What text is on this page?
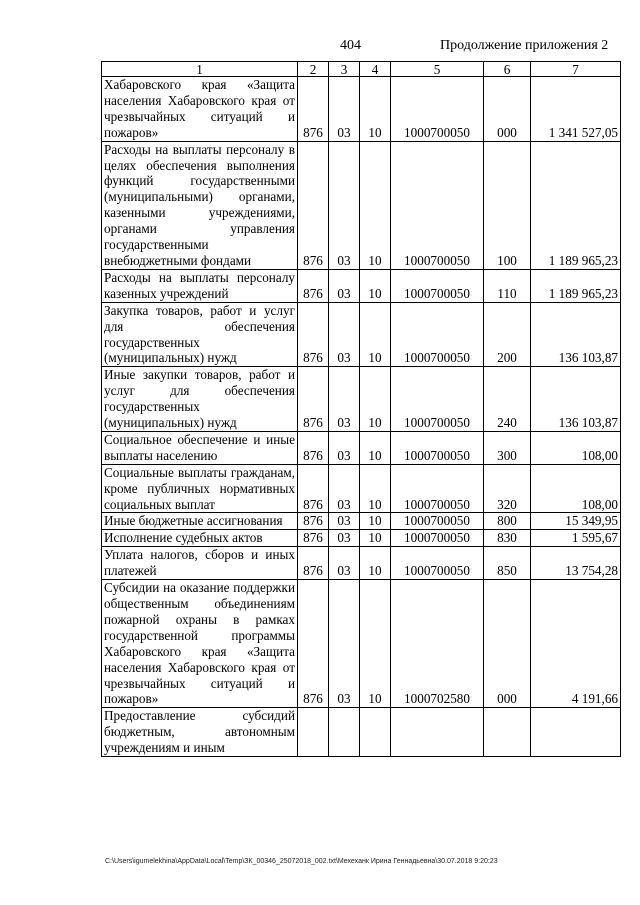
404	Продолжение приложения 2
1	2	3	4	5	6	7
Хабаровского края «Защита населения Хабаровского края от чрезвычайных ситуаций и пожаров»	876	03	10	1000700050	000	1 341 527,05
Расходы на выплаты персоналу в целях обеспечения выполнения функций государственными (муниципальными) органами, казенными учреждениями, органами управления государственными внебюджетными фондами	876	03	10	1000700050	100	1 189 965,23
Расходы на выплаты персоналу казенных учреждений	876	03	10	1000700050	110	1 189 965,23
Закупка товаров, работ и услуг для обеспечения государственных (муниципальных) нужд	876	03	10	1000700050	200	136 103,87
Иные закупки товаров, работ и услуг для обеспечения государственных (муниципальных) нужд	876	03	10	1000700050	240	136 103,87
Социальное обеспечение и иные выплаты населению	876	03	10	1000700050	300	108,00
Социальные выплаты гражданам, кроме публичных нормативных социальных выплат	876	03	10	1000700050	320	108,00
Иные бюджетные ассигнования	876	03	10	1000700050	800	15 349,95
Исполнение судебных актов	876	03	10	1000700050	830	1 595,67
Уплата налогов, сборов и иных платежей	876	03	10	1000700050	850	13 754,28
Субсидии на оказание поддержки общественным объединениям пожарной охраны в рамках государственной программы Хабаровского края «Защита населения Хабаровского края от чрезвычайных ситуаций и пожаров»	876	03	10	1000702580	000	4 191,66
Предоставление субсидий бюджетным, автономным учреждениям и иным						
C:\Users\igumelekhina\AppData\Local\Temp\ЗК_00346_25072018_002.txt\Мехеханк Ирина Геннадьевна\30.07.2018 9:20:23
